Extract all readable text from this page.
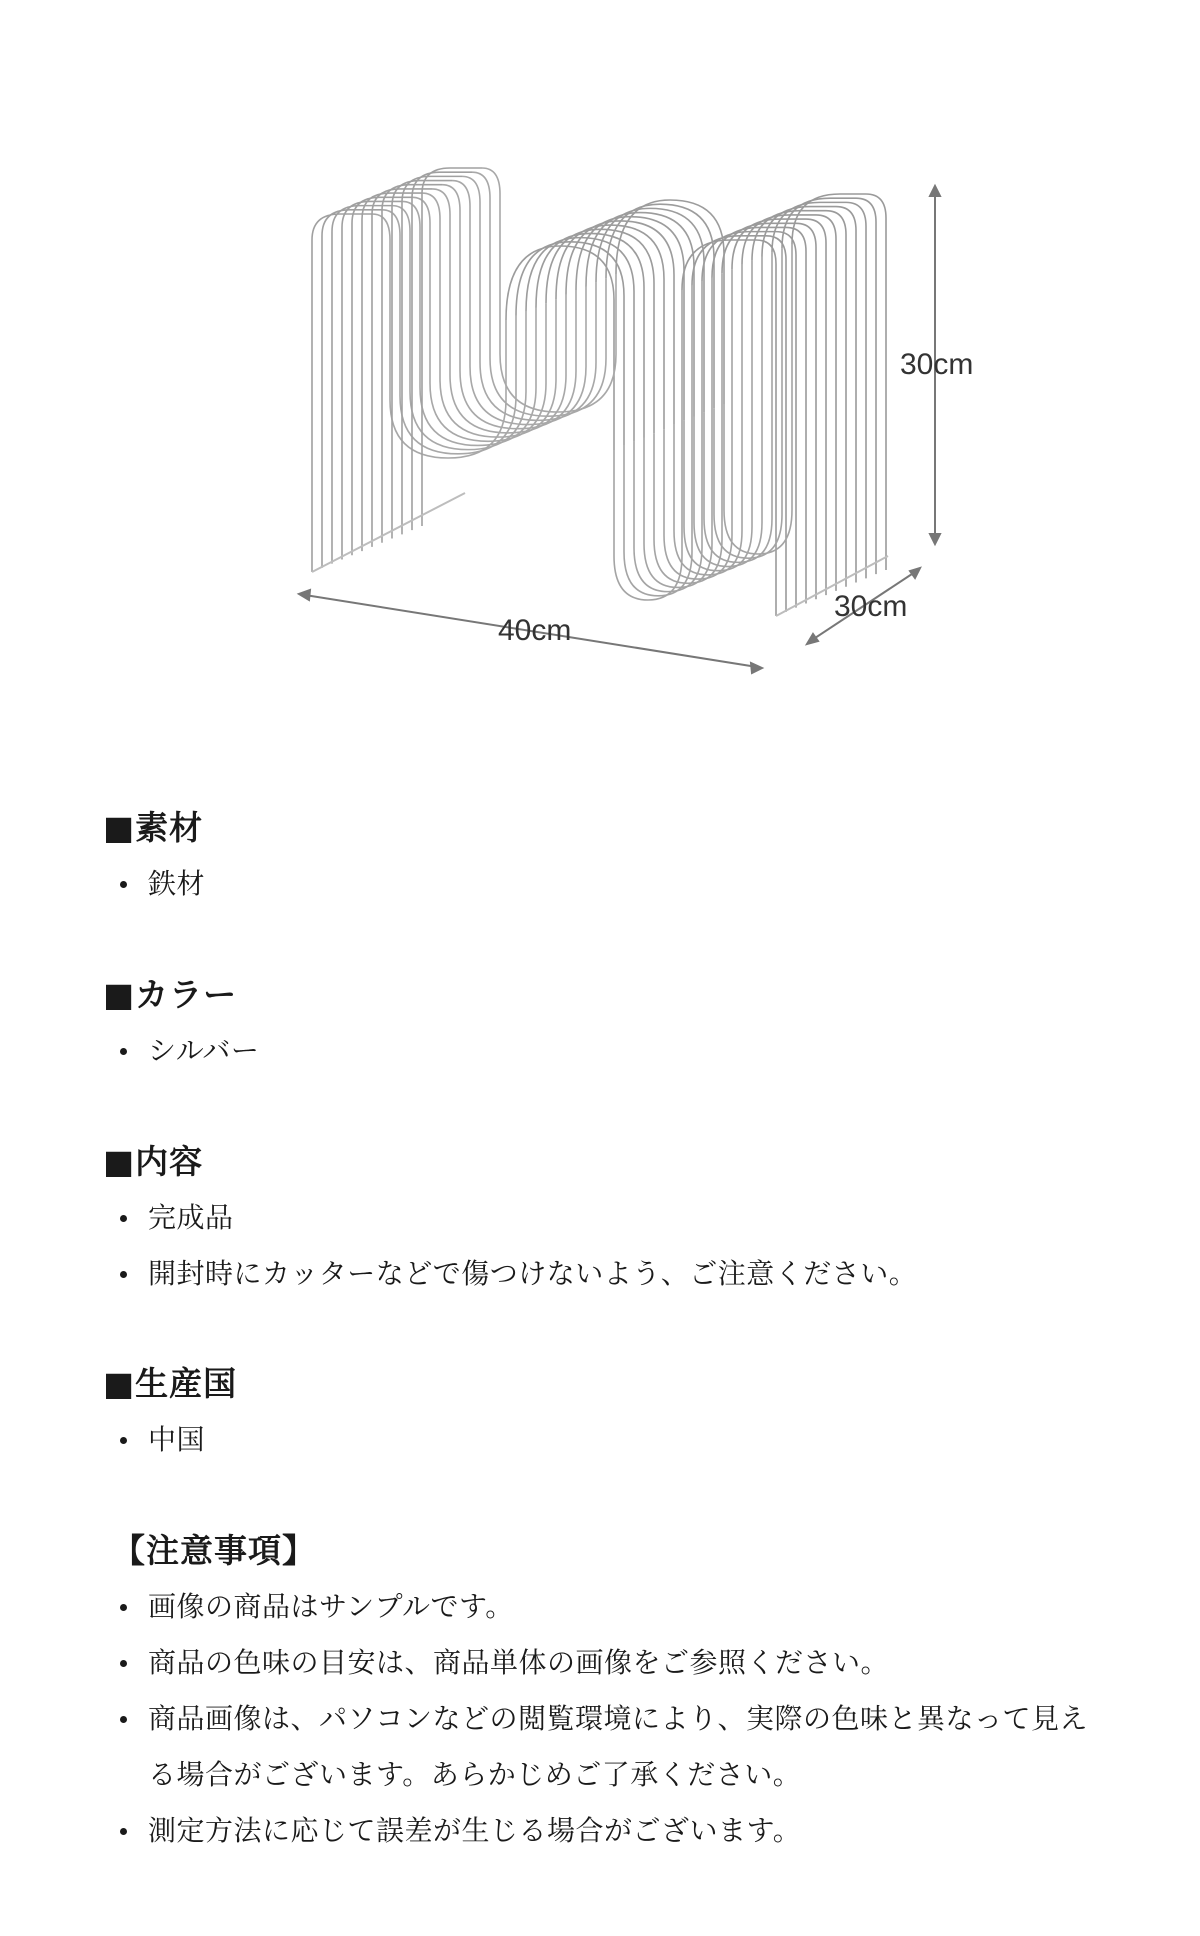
30cm
40cm
30cm
■素材
鉄材
■カラー
シルバー
■内容
完成品
開封時にカッターなどで傷つけないよう、ご注意ください。
■生産国
中国
【注意事項】
画像の商品はサンプルです。
商品の色味の目安は、商品単体の画像をご参照ください。
商品画像は、パソコンなどの閲覧環境により、実際の色味と異なって見える場合がございます。あらかじめご了承ください。
測定方法に応じて誤差が生じる場合がございます。
